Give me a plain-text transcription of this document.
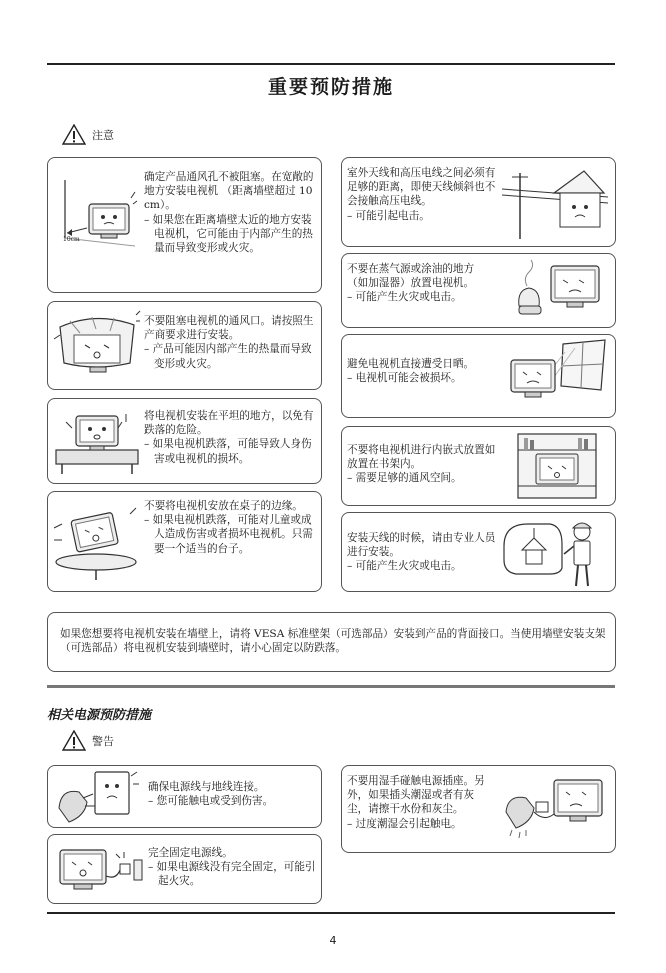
重要预防措施
注意
10cm

确定产品通风孔不被阻塞。在宽敞的地方安装电视机 （距离墙壁超过 10 cm）。

– 如果您在距离墙壁太近的地方安装电视机，它可能由于内部产生的热量而导致变形或火灾。

不要阻塞电视机的通风口。请按照生产商要求进行安装。

– 产品可能因内部产生的热量而导致变形或火灾。

将电视机安装在平坦的地方，以免有跌落的危险。

– 如果电视机跌落，可能导致人身伤害或电视机的损坏。

不要将电视机安放在桌子的边缘。

– 如果电视机跌落，可能对儿童或成人造成伤害或者损坏电视机。只需要一个适当的台子。

室外天线和高压电线之间必须有足够的距离，即使天线倾斜也不会接触高压电线。

– 可能引起电击。

不要在蒸气源或涂油的地方（如加湿器）放置电视机。

– 可能产生火灾或电击。

避免电视机直接遭受日晒。

– 电视机可能会被损坏。

不要将电视机进行内嵌式放置如放置在书架内。

– 需要足够的通风空间。

安装天线的时候，请由专业人员进行安装。

– 可能产生火灾或电击。

如果您想要将电视机安装在墙壁上，请将 VESA 标准壁架（可选部品）安装到产品的背面接口。当使用墙壁安装支架（可选部品）将电视机安装到墙壁时，请小心固定以防跌落。
相关电源预防措施
警告

确保电源线与地线连接。

– 您可能触电或受到伤害。

完全固定电源线。

– 如果电源线没有完全固定，可能引起火灾。

不要用湿手碰触电源插座。另外，如果插头潮湿或者有灰尘，请擦干水份和灰尘。

– 过度潮湿会引起触电。

4
